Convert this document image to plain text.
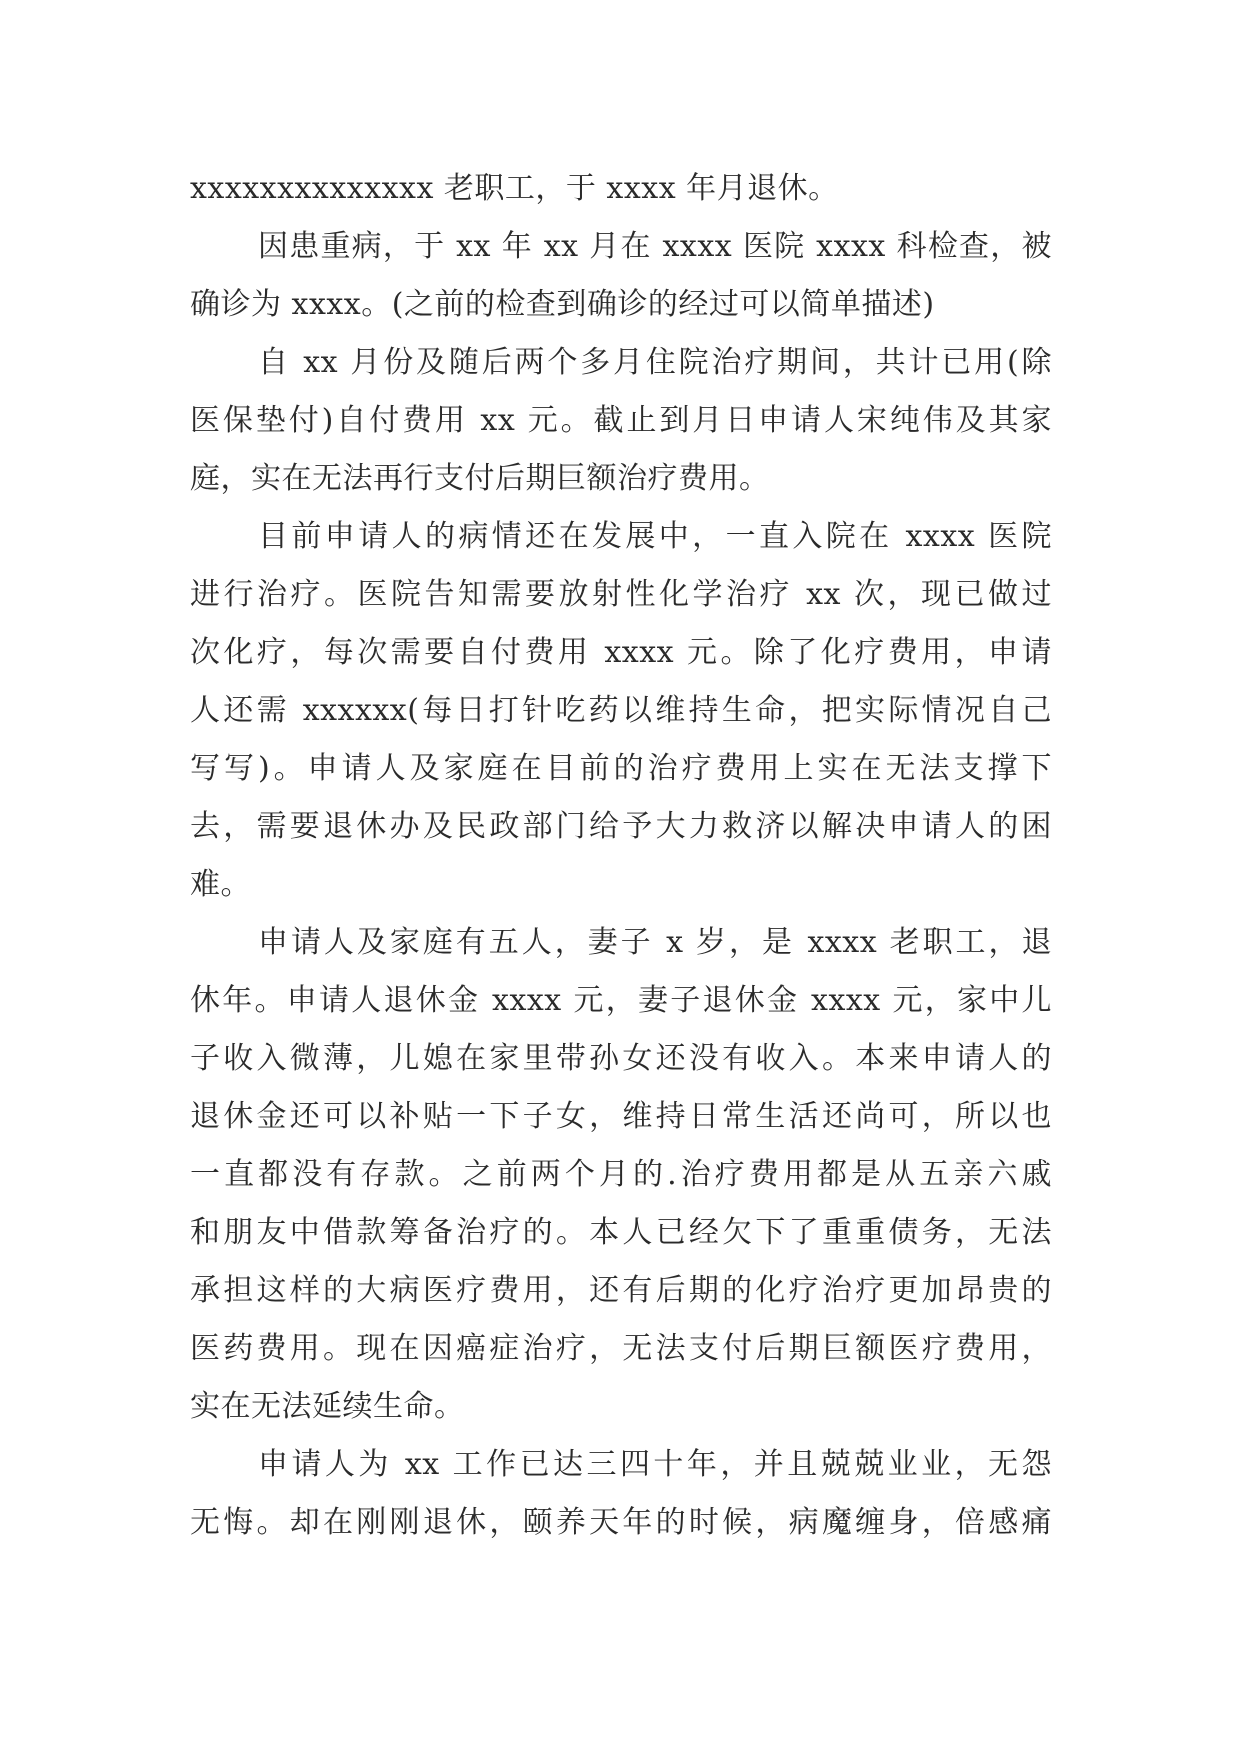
xxxxxxxxxxxxxx 老职工，于 xxxx 年月退休。
因患重病，于 xx 年 xx 月在 xxxx 医院 xxxx 科检查，被
确诊为 xxxx。(之前的检查到确诊的经过可以简单描述)
自 xx 月份及随后两个多月住院治疗期间，共计已用(除
医保垫付)自付费用 xx 元。截止到月日申请人宋纯伟及其家
庭，实在无法再行支付后期巨额治疗费用。
目前申请人的病情还在发展中，一直入院在 xxxx 医院
进行治疗。医院告知需要放射性化学治疗 xx 次，现已做过
次化疗，每次需要自付费用 xxxx 元。除了化疗费用，申请
人还需 xxxxxx(每日打针吃药以维持生命，把实际情况自己
写写)。申请人及家庭在目前的治疗费用上实在无法支撑下
去，需要退休办及民政部门给予大力救济以解决申请人的困
难。
申请人及家庭有五人，妻子 x 岁，是 xxxx 老职工，退
休年。申请人退休金 xxxx 元，妻子退休金 xxxx 元，家中儿
子收入微薄，儿媳在家里带孙女还没有收入。本来申请人的
退休金还可以补贴一下子女，维持日常生活还尚可，所以也
一直都没有存款。之前两个月的.治疗费用都是从五亲六戚
和朋友中借款筹备治疗的。本人已经欠下了重重债务，无法
承担这样的大病医疗费用，还有后期的化疗治疗更加昂贵的
医药费用。现在因癌症治疗，无法支付后期巨额医疗费用，
实在无法延续生命。
申请人为 xx 工作已达三四十年，并且兢兢业业，无怨
无悔。却在刚刚退休，颐养天年的时候，病魔缠身，倍感痛
